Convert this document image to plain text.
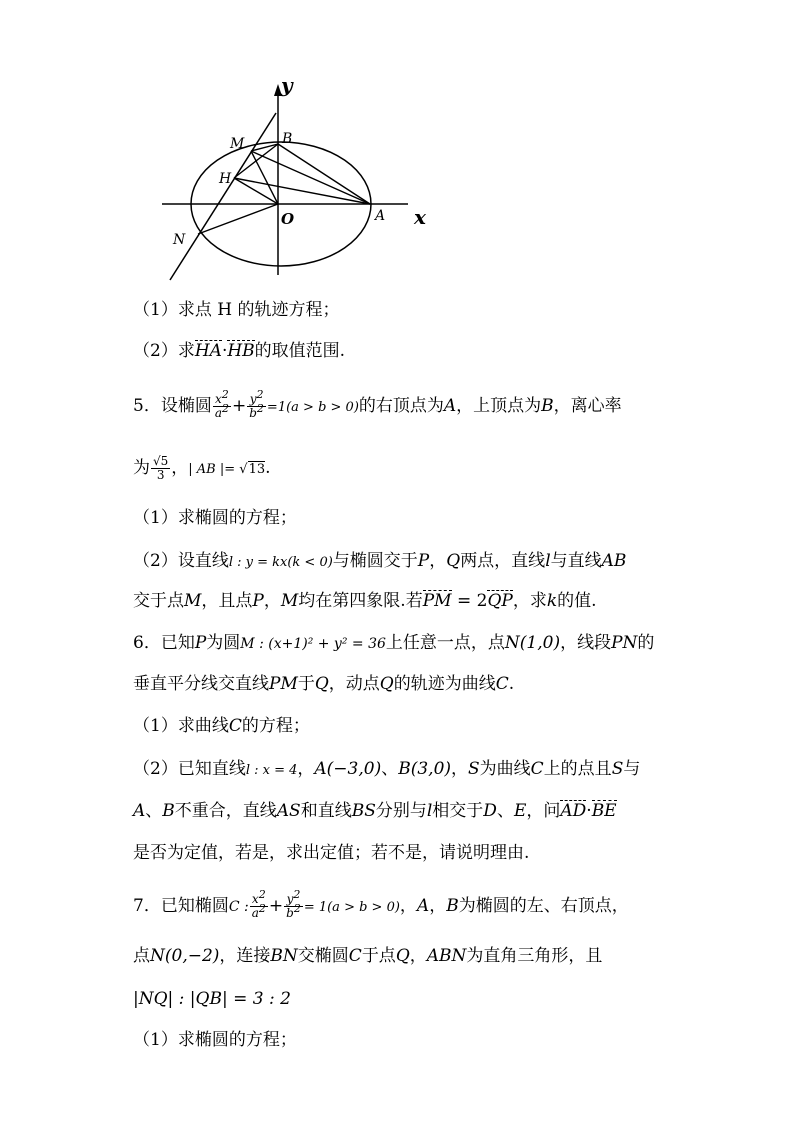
y
x
M	B
H
O	A
N
（1）求点 H 的轨迹方程；
（2）求HA·HB的取值范围.
5．设椭圆 $\frac{x^2}{a^2} + \frac{y^2}{b^2} =1(a > b > 0)$的右顶点为A，上顶点为B，离心率
为 $\frac{√5}{3}$ ，| AB |= √13.
（1）求椭圆的方程；
（2）设直线l : y = kx(k < 0)与椭圆交于P，Q两点，直线l与直线AB
交于点M，且点P，M均在第四象限.若PM = 2QP，求k的值.
6．已知P为圆M : (x+1)² + y² = 36上任意一点，点N(1,0)，线段PN的
垂直平分线交直线PM于Q，动点Q的轨迹为曲线C.
（1）求曲线C的方程；
（2）已知直线l : x = 4，A(−3,0)、B(3,0)，S为曲线C上的点且S与
A、B不重合，直线AS和直线BS分别与l相交于D、E，问AD·BE
是否为定值，若是，求出定值；若不是，请说明理由.
7．已知椭圆C : $\frac{x^2}{a^2} + \frac{y^2}{b^2} = 1(a > b > 0)$，A，B为椭圆的左、右顶点，
点N(0,−2)，连接BN交椭圆C于点Q，ABN为直角三角形，且
|NQ| : |QB| = 3 : 2
（1）求椭圆的方程；
